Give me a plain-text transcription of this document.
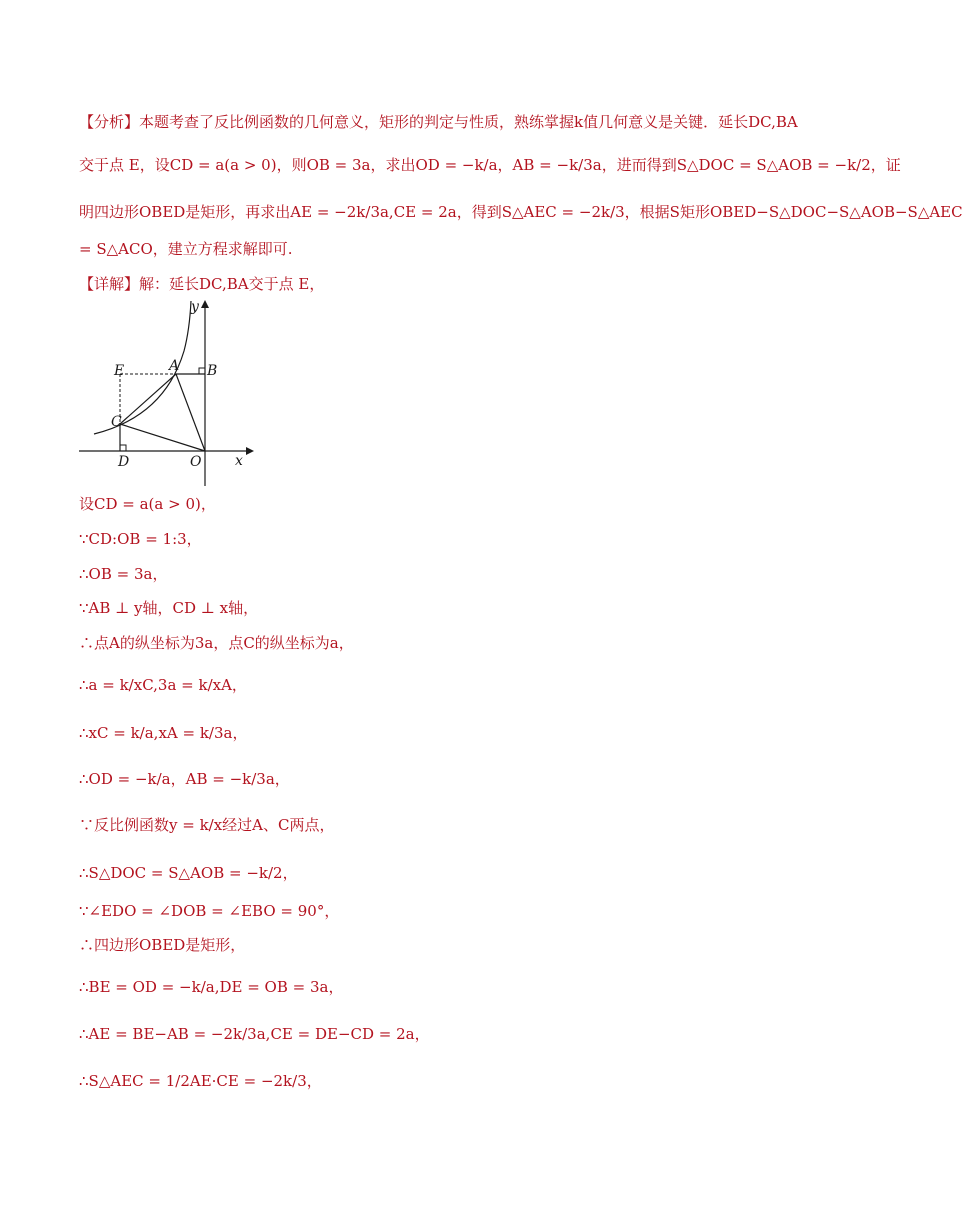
【分析】本题考查了反比例函数的几何意义，矩形的判定与性质，熟练掌握k值几何意义是关键．延长DC,BA
交于点 E，设CD = a(a > 0)，则OB = 3a，求出OD = −k/a，AB = −k/3a，进而得到S△DOC = S△AOB = −k/2，证
明四边形OBED是矩形，再求出AE = −2k/3a,CE = 2a，得到S△AEC = −2k/3，根据S矩形OBED−S△DOC−S△AOB−S△AEC
= S△ACO，建立方程求解即可.
【详解】解：延长DC,BA交于点 E，
y
x
E	A B
C
D	O
设CD = a(a > 0)，
∵CD:OB = 1:3，
∴OB = 3a，
∵AB ⊥ y轴，CD ⊥ x轴，
∴点A的纵坐标为3a，点C的纵坐标为a，
∴a = k/xC,3a = k/xA，
∴xC = k/a,xA = k/3a，
∴OD = −k/a，AB = −k/3a，
∵反比例函数y = k/x经过A、C两点，
∴S△DOC = S△AOB = −k/2，
∵∠EDO = ∠DOB = ∠EBO = 90°，
∴四边形OBED是矩形，
∴BE = OD = −k/a,DE = OB = 3a，
∴AE = BE−AB = −2k/3a,CE = DE−CD = 2a，
∴S△AEC = 1/2AE·CE = −2k/3，
